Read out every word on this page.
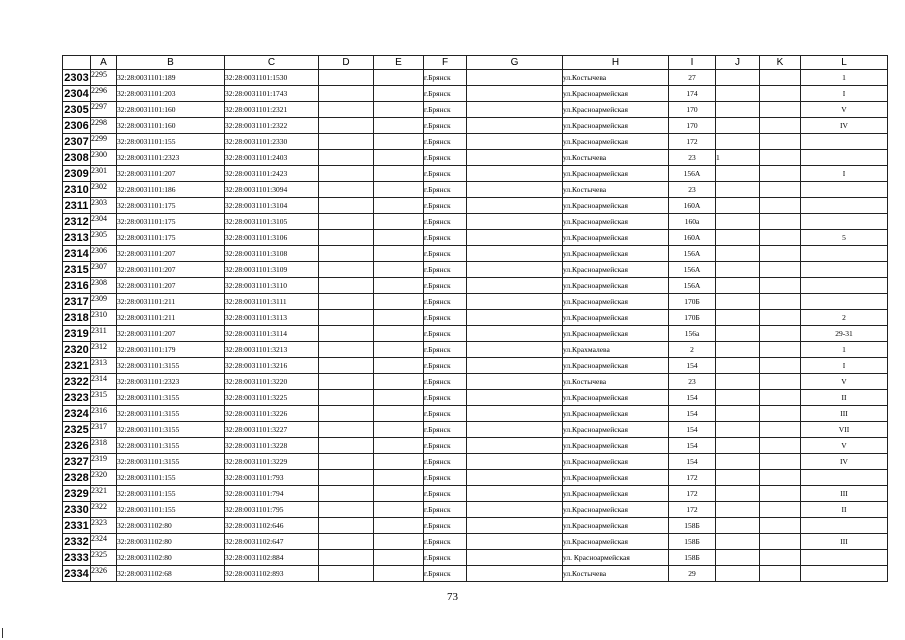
	A	B	C	D	E	F	G	H	I	J	K	L
2303	2295	32:28:0031101:189	32:28:0031101:1530			г.Брянск		ул.Костычева	27			1
2304	2296	32:28:0031101:203	32:28:0031101:1743			г.Брянск		ул.Красноармейская	174			I
2305	2297	32:28:0031101:160	32:28:0031101:2321			г.Брянск		ул.Красноармейская	170			V
2306	2298	32:28:0031101:160	32:28:0031101:2322			г.Брянск		ул.Красноармейская	170			IV
2307	2299	32:28:0031101:155	32:28:0031101:2330			г.Брянск		ул.Красноармейская	172			
2308	2300	32:28:0031101:2323	32:28:0031101:2403			г.Брянск		ул.Костычева	23	1		
2309	2301	32:28:0031101:207	32:28:0031101:2423			г.Брянск		ул.Красноармейская	156А			I
2310	2302	32:28:0031101:186	32:28:0031101:3094			г.Брянск		ул.Костычева	23			
2311	2303	32:28:0031101:175	32:28:0031101:3104			г.Брянск		ул.Красноармейская	160А			
2312	2304	32:28:0031101:175	32:28:0031101:3105			г.Брянск		ул.Красноармейская	160а			
2313	2305	32:28:0031101:175	32:28:0031101:3106			г.Брянск		ул.Красноармейская	160А			5
2314	2306	32:28:0031101:207	32:28:0031101:3108			г.Брянск		ул.Красноармейская	156А			
2315	2307	32:28:0031101:207	32:28:0031101:3109			г.Брянск		ул.Красноармейская	156А			
2316	2308	32:28:0031101:207	32:28:0031101:3110			г.Брянск		ул.Красноармейская	156А			
2317	2309	32:28:0031101:211	32:28:0031101:3111			г.Брянск		ул.Красноармейская	170Б			
2318	2310	32:28:0031101:211	32:28:0031101:3113			г.Брянск		ул.Красноармейская	170Б			2
2319	2311	32:28:0031101:207	32:28:0031101:3114			г.Брянск		ул.Красноармейская	156а			29-31
2320	2312	32:28:0031101:179	32:28:0031101:3213			г.Брянск		ул.Крахмалева	2			1
2321	2313	32:28:0031101:3155	32:28:0031101:3216			г.Брянск		ул.Красноармейская	154			I
2322	2314	32:28:0031101:2323	32:28:0031101:3220			г.Брянск		ул.Костычева	23			V
2323	2315	32:28:0031101:3155	32:28:0031101:3225			г.Брянск		ул.Красноармейская	154			II
2324	2316	32:28:0031101:3155	32:28:0031101:3226			г.Брянск		ул.Красноармейская	154			III
2325	2317	32:28:0031101:3155	32:28:0031101:3227			г.Брянск		ул.Красноармейская	154			VII
2326	2318	32:28:0031101:3155	32:28:0031101:3228			г.Брянск		ул.Красноармейская	154			V
2327	2319	32:28:0031101:3155	32:28:0031101:3229			г.Брянск		ул.Красноармейская	154			IV
2328	2320	32:28:0031101:155	32:28:0031101:793			г.Брянск		ул.Красноармейская	172			
2329	2321	32:28:0031101:155	32:28:0031101:794			г.Брянск		ул.Красноармейская	172			III
2330	2322	32:28:0031101:155	32:28:0031101:795			г.Брянск		ул.Красноармейская	172			II
2331	2323	32:28:0031102:80	32:28:0031102:646			г.Брянск		ул.Красноармейская	158Б			
2332	2324	32:28:0031102:80	32:28:0031102:647			г.Брянск		ул.Красноармейская	158Б			III
2333	2325	32:28:0031102:80	32:28:0031102:884			г.Брянск		ул. Красноармейская	158Б			
2334	2326	32:28:0031102:68	32:28:0031102:893			г.Брянск		ул.Костычева	29			
73
